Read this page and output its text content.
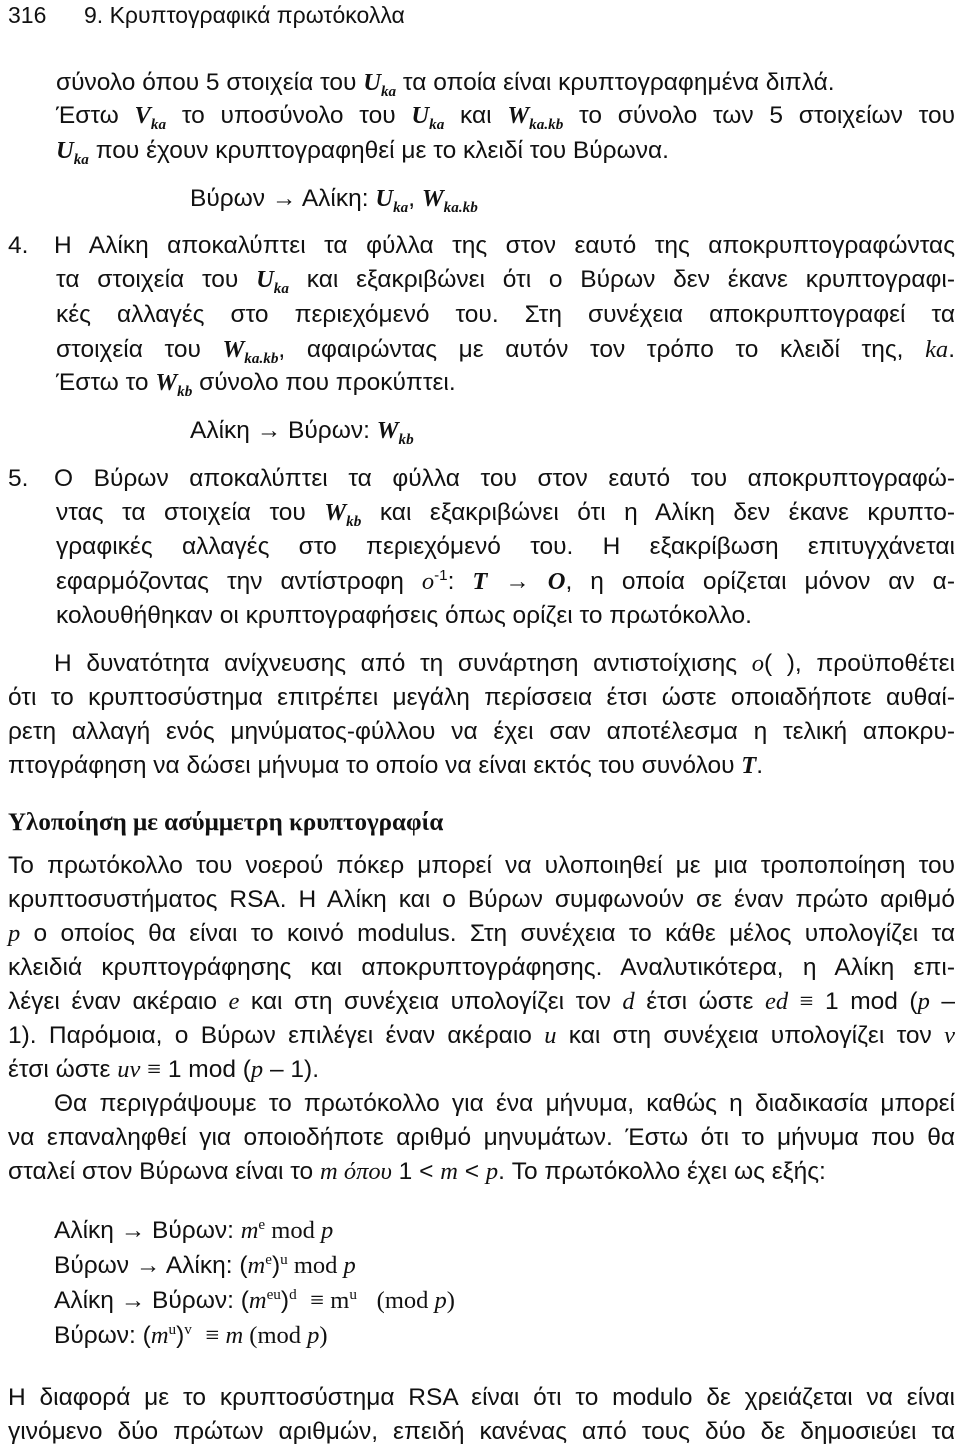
316 9. Κρυπτογραφικά πρωτόκολλα
σύνολο όπου 5 στοιχεία του $U_{ka}$ τα οποία είναι κρυπτογραφημένα διπλά.
Έστω $V_{ka}$ το υποσύνολο του $U_{ka}$ και $W_{ka.kb}$ το σύνολο των 5 στοιχείων του
$U_{ka}$ που έχουν κρυπτογραφηθεί με το κλειδί του Βύρωνα.
Βύρων → Αλίκη: $U_{ka}$, $W_{ka.kb}$
4. Η Αλίκη αποκαλύπτει τα φύλλα της στον εαυτό της αποκρυπτογραφώντας
τα στοιχεία του $U_{ka}$ και εξακριβώνει ότι ο Βύρων δεν έκανε κρυπτογραφι-
κές αλλαγές στο περιεχόμενό του. Στη συνέχεια αποκρυπτογραφεί τα
στοιχεία του $W_{ka.kb}$, αφαιρώντας με αυτόν τον τρόπο το κλειδί της, ka.
Έστω το $W_{kb}$ σύνολο που προκύπτει.
Αλίκη → Βύρων: $W_{kb}$
5. Ο Βύρων αποκαλύπτει τα φύλλα του στον εαυτό του αποκρυπτογραφώ-
ντας τα στοιχεία του $W_{kb}$ και εξακριβώνει ότι η Αλίκη δεν έκανε κρυπτο-
γραφικές αλλαγές στο περιεχόμενό του. Η εξακρίβωση επιτυγχάνεται
εφαρμόζοντας την αντίστροφη $o^{-1}$: T → O, η οποία ορίζεται μόνον αν α-
κολουθήθηκαν οι κρυπτογραφήσεις όπως ορίζει το πρωτόκολλο.
Η δυνατότητα ανίχνευσης από τη συνάρτηση αντιστοίχισης ο( ), προϋποθέτει
ότι το κρυπτοσύστημα επιτρέπει μεγάλη περίσσεια έτσι ώστε οποιαδήποτε αυθαί-
ρετη αλλαγή ενός μηνύματος-φύλλου να έχει σαν αποτέλεσμα η τελική αποκρυ-
πτογράφηση να δώσει μήνυμα το οποίο να είναι εκτός του συνόλου T.
Υλοποίηση με ασύμμετρη κρυπτογραφία
Το πρωτόκολλο του νοερού πόκερ μπορεί να υλοποιηθεί με μια τροποποίηση του
κρυπτοσυστήματος RSA. Η Αλίκη και ο Βύρων συμφωνούν σε έναν πρώτο αριθμό
p ο οποίος θα είναι το κοινό modulus. Στη συνέχεια το κάθε μέλος υπολογίζει τα
κλειδιά κρυπτογράφησης και αποκρυπτογράφησης. Αναλυτικότερα, η Αλίκη επι-
λέγει έναν ακέραιο e και στη συνέχεια υπολογίζει τον d έτσι ώστε ed ≡ 1 mod (p –
1). Παρόμοια, ο Βύρων επιλέγει έναν ακέραιο u και στη συνέχεια υπολογίζει τον v
έτσι ώστε uv ≡ 1 mod (p – 1).
Θα περιγράψουμε το πρωτόκολλο για ένα μήνυμα, καθώς η διαδικασία μπορεί
να επαναληφθεί για οποιοδήποτε αριθμό μηνυμάτων. Έστω ότι το μήνυμα που θα
σταλεί στον Βύρωνα είναι το m όπου 1 < m < p. Το πρωτόκολλο έχει ως εξής:
Αλίκη → Βύρων: $m^e$ mod p
Βύρων → Αλίκη: $(m^e)^u$ mod p
Αλίκη → Βύρων: $(m^{eu})^d \equiv m^u$   (mod p)
Βύρων: $(m^u)^v \equiv m$ (mod p)
Η διαφορά με το κρυπτοσύστημα RSA είναι ότι το modulo δε χρειάζεται να είναι
γινόμενο δύο πρώτων αριθμών, επειδή κανένας από τους δύο δε δημοσιεύει τα
